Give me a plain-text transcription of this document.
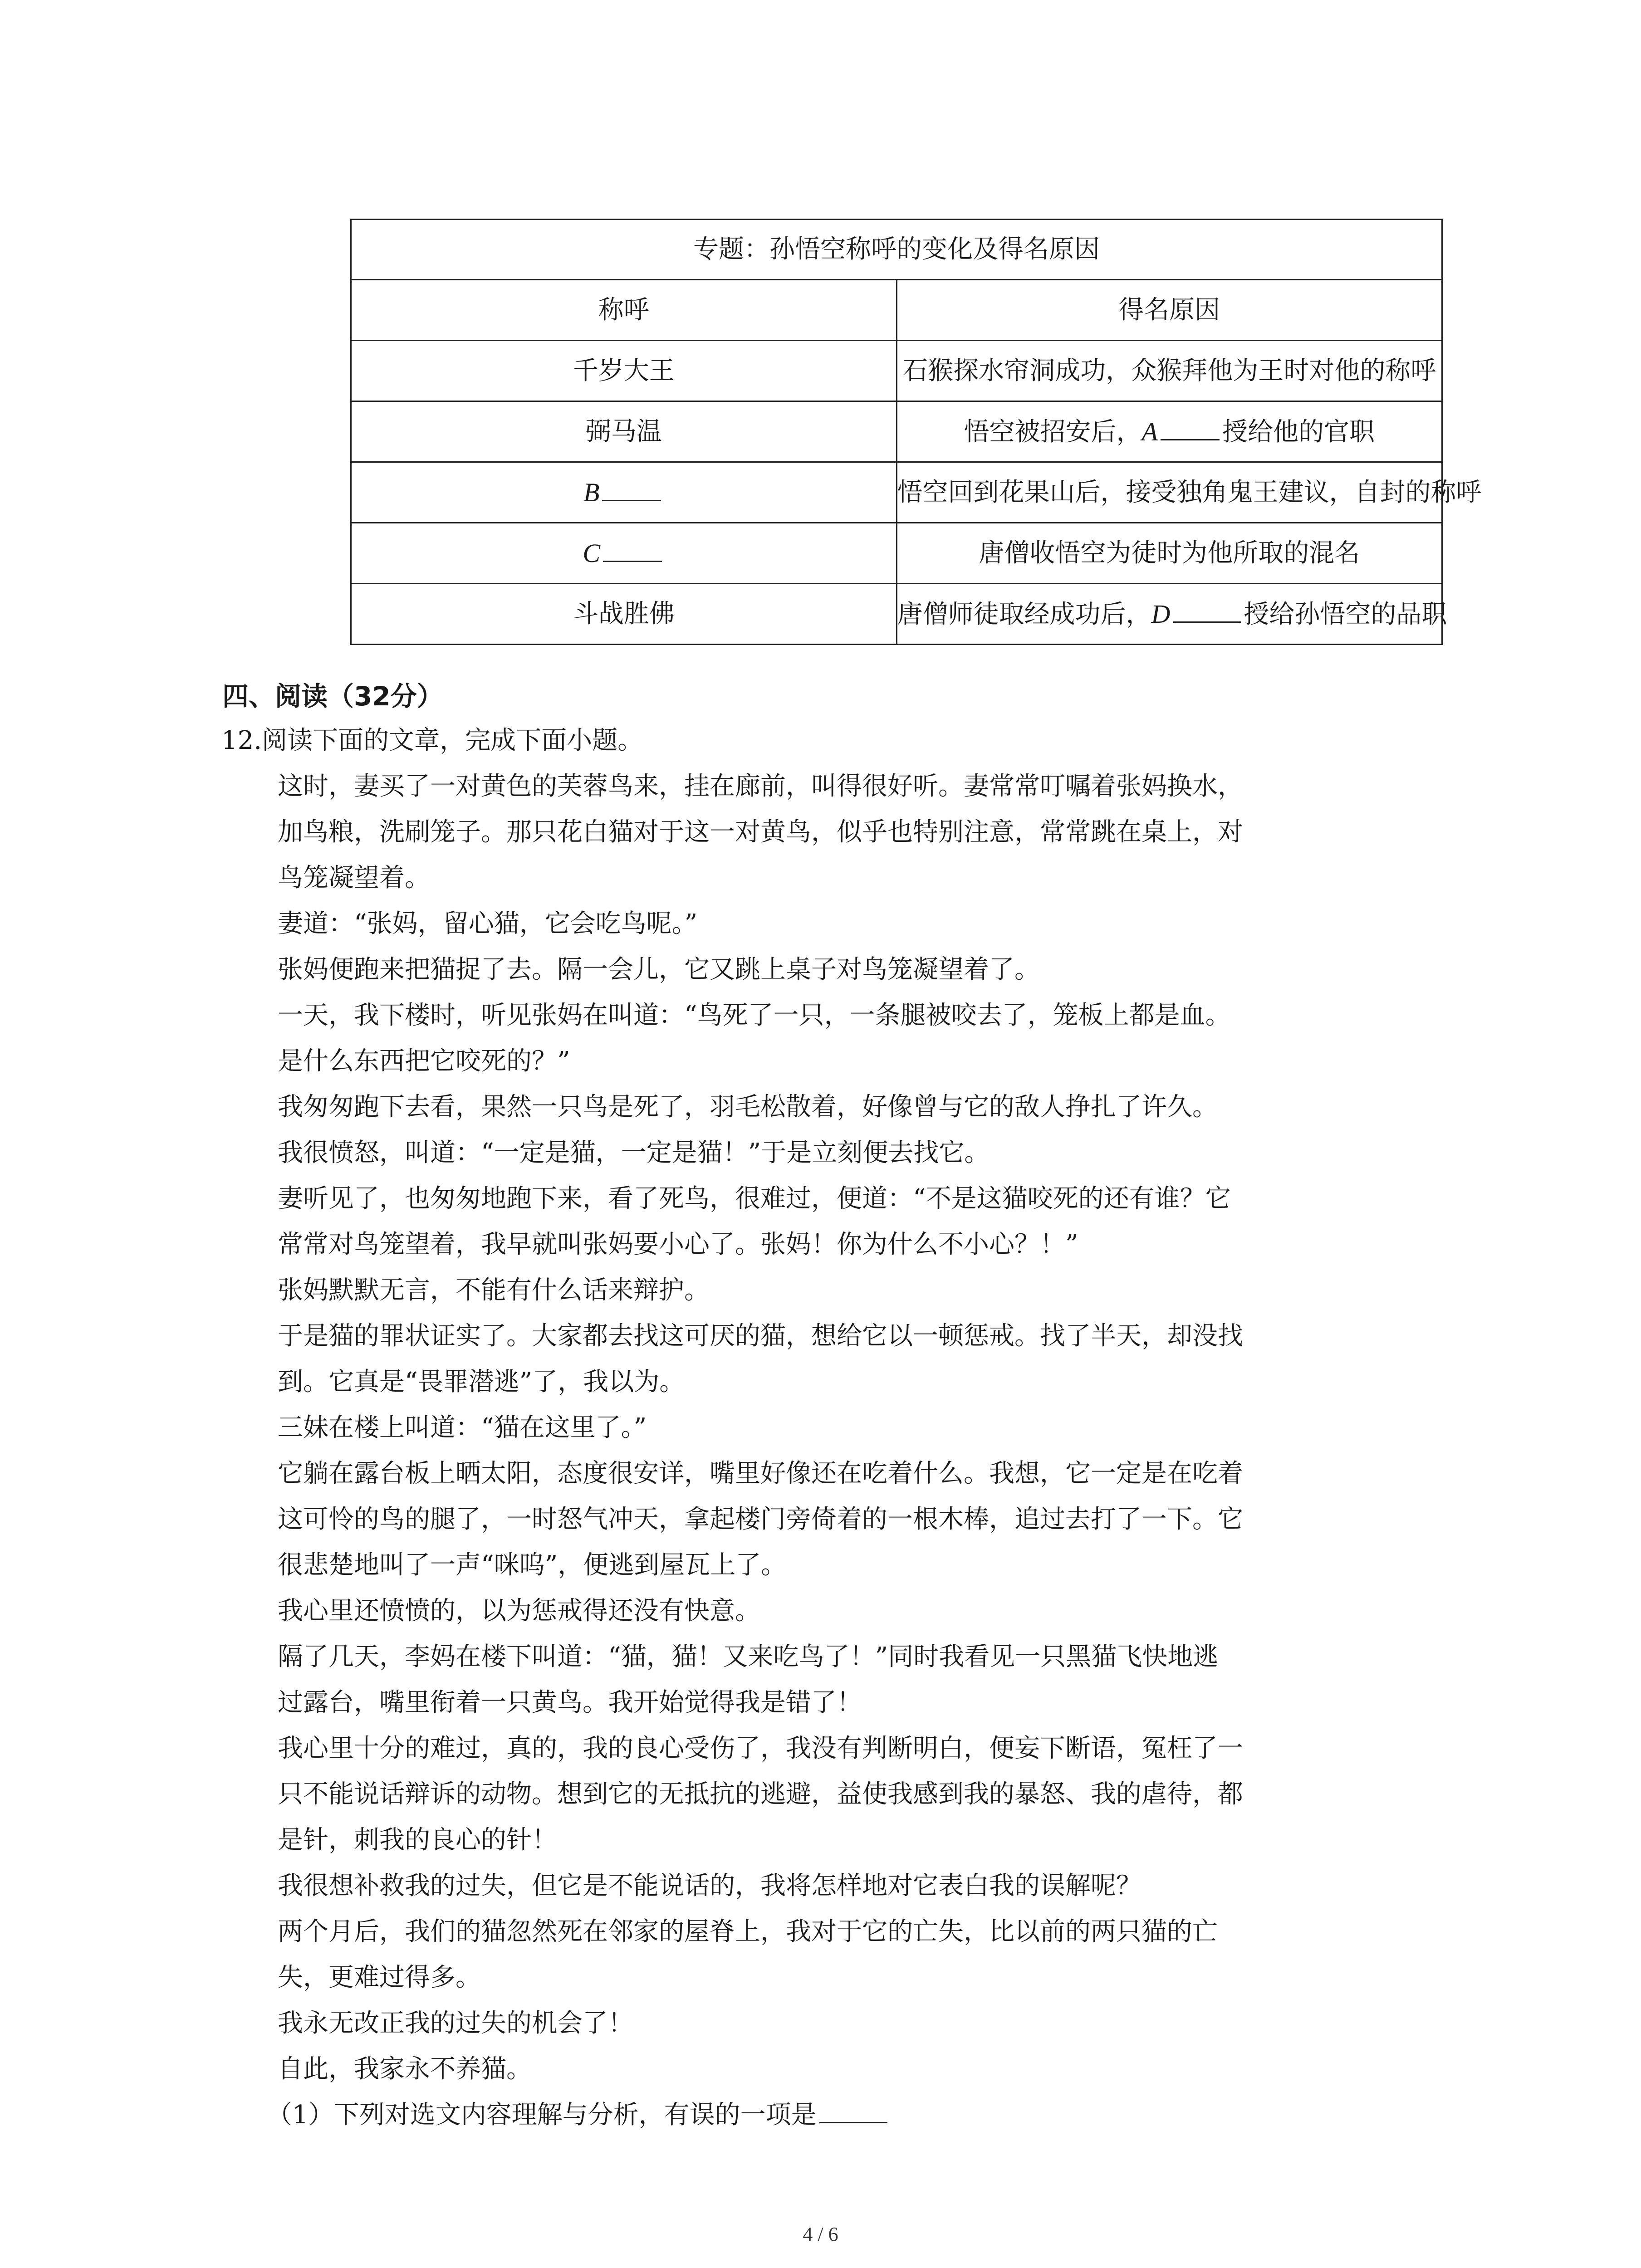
专题：孙悟空称呼的变化及得名原因	
称呼	得名原因
千岁大王	石猴探水帘洞成功，众猴拜他为王时对他的称呼
弼马温	悟空被招安后，A 授给他的官职
B	悟空回到花果山后，接受独角鬼王建议，自封的称呼
C	唐僧收悟空为徒时为他所取的混名
斗战胜佛	唐僧师徒取经成功后，D 授给孙悟空的品职
四、阅读（32分）
12.阅读下面的文章，完成下面小题。
这时，妻买了一对黄色的芙蓉鸟来，挂在廊前，叫得很好听。妻常常叮嘱着张妈换水，
加鸟粮，洗刷笼子。那只花白猫对于这一对黄鸟，似乎也特别注意，常常跳在桌上，对
鸟笼凝望着。
妻道：“张妈，留心猫，它会吃鸟呢。”
张妈便跑来把猫捉了去。隔一会儿，它又跳上桌子对鸟笼凝望着了。
一天，我下楼时，听见张妈在叫道：“鸟死了一只，一条腿被咬去了，笼板上都是血。
是什么东西把它咬死的？”
我匆匆跑下去看，果然一只鸟是死了，羽毛松散着，好像曾与它的敌人挣扎了许久。
我很愤怒，叫道：“一定是猫，一定是猫！”于是立刻便去找它。
妻听见了，也匆匆地跑下来，看了死鸟，很难过，便道：“不是这猫咬死的还有谁？它
常常对鸟笼望着，我早就叫张妈要小心了。张妈！你为什么不小心？！”
张妈默默无言，不能有什么话来辩护。
于是猫的罪状证实了。大家都去找这可厌的猫，想给它以一顿惩戒。找了半天，却没找
到。它真是“畏罪潜逃”了，我以为。
三妹在楼上叫道：“猫在这里了。”
它躺在露台板上晒太阳，态度很安详，嘴里好像还在吃着什么。我想，它一定是在吃着
这可怜的鸟的腿了，一时怒气冲天，拿起楼门旁倚着的一根木棒，追过去打了一下。它
很悲楚地叫了一声“咪呜”，便逃到屋瓦上了。
我心里还愤愤的，以为惩戒得还没有快意。
隔了几天，李妈在楼下叫道：“猫，猫！又来吃鸟了！”同时我看见一只黑猫飞快地逃
过露台，嘴里衔着一只黄鸟。我开始觉得我是错了！
我心里十分的难过，真的，我的良心受伤了，我没有判断明白，便妄下断语，冤枉了一
只不能说话辩诉的动物。想到它的无抵抗的逃避，益使我感到我的暴怒、我的虐待，都
是针，刺我的良心的针！
我很想补救我的过失，但它是不能说话的，我将怎样地对它表白我的误解呢？
两个月后，我们的猫忽然死在邻家的屋脊上，我对于它的亡失，比以前的两只猫的亡
失，更难过得多。
我永无改正我的过失的机会了！
自此，我家永不养猫。
（1）下列对选文内容理解与分析，有误的一项是
4 / 6
